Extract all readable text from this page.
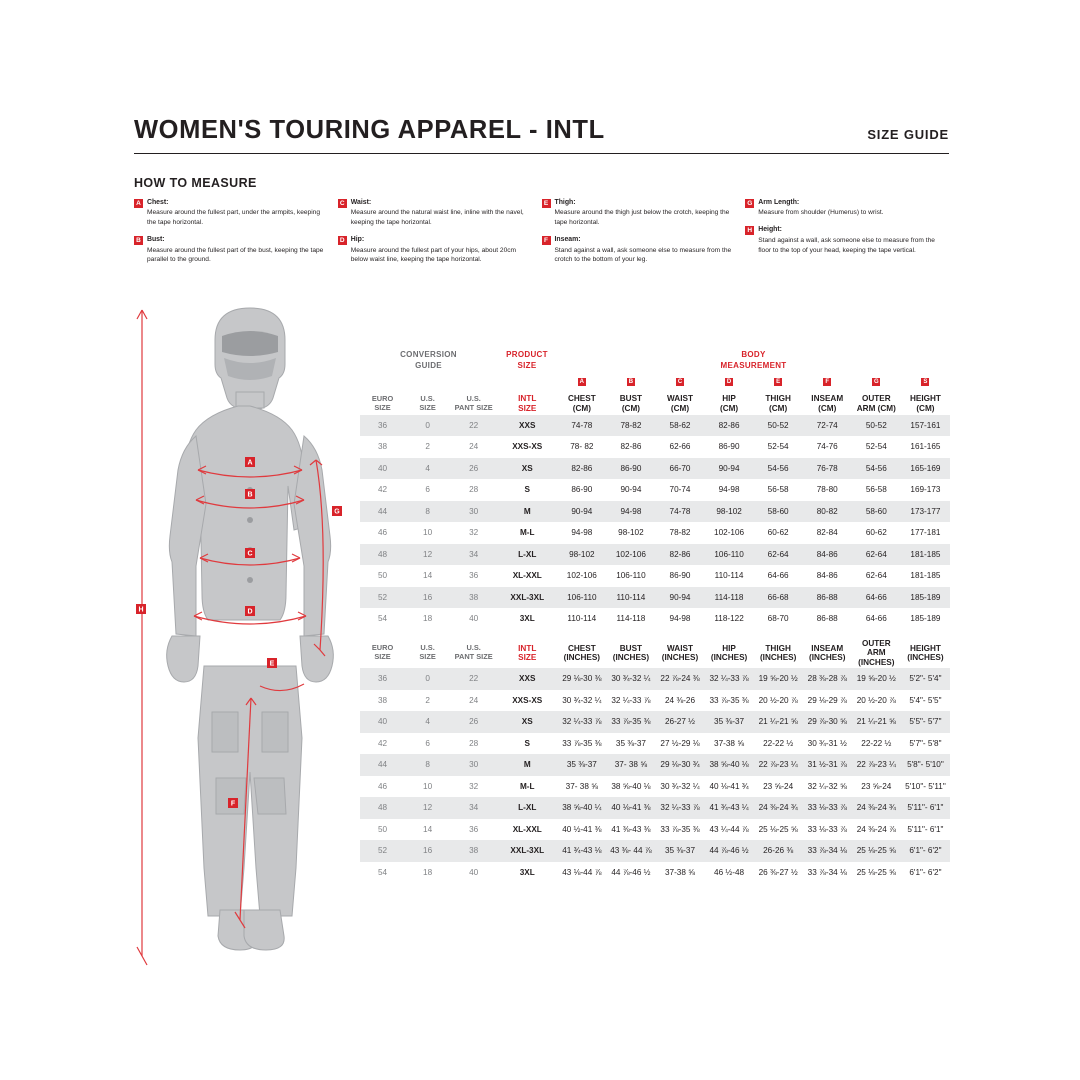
WOMEN'S TOURING APPAREL - INTL	SIZE GUIDE
HOW TO MEASURE
A Chest:
Measure around the fullest part, under the armpits, keeping the tape horizontal.
B Bust:
Measure around the fullest part of the bust, keeping the tape parallel to the ground.
C Waist:
Measure around the natural waist line, inline with the navel, keeping the tape horizontal.
D Hip:
Measure around the fullest part of your hips, about 20cm below waist line, keeping the tape horizontal.
E Thigh:
Measure around the thigh just below the crotch, keeping the tape horizontal.
F Inseam:
Stand against a wall, ask someone else to measure from the crotch to the bottom of your leg.
G Arm Length:
Measure from shoulder (Humerus) to wrist.
H Height:
Stand against a wall, ask someone else to measure from the floor to the top of your head, keeping the tape vertical.
A
B
C
D
E
F
G
H
CONVERSION
GUIDE
PRODUCT
SIZE
BODY
MEASUREMENT
				A	B	C	D	E	F	G	S

EURO
SIZE

U.S.
SIZE

U.S.
PANT SIZE

INTL
SIZE

CHEST
(CM)

BUST
(CM)

WAIST
(CM)

HIP
(CM)

THIGH
(CM)

INSEAM
(CM)

OUTER
ARM (CM)

HEIGHT
(CM)

36	0	22	XXS	74-78	78-82	58-62	82-86	50-52	72-74	50-52	157-161
38	2	24	XXS-XS	78- 82	82-86	62-66	86-90	52-54	74-76	52-54	161-165
40	4	26	XS	82-86	86-90	66-70	90-94	54-56	76-78	54-56	165-169
42	6	28	S	86-90	90-94	70-74	94-98	56-58	78-80	56-58	169-173
44	8	30	M	90-94	94-98	74-78	98-102	58-60	80-82	58-60	173-177
46	10	32	M-L	94-98	98-102	78-82	102-106	60-62	82-84	60-62	177-181
48	12	34	L-XL	98-102	102-106	82-86	106-110	62-64	84-86	62-64	181-185
50	14	36	XL-XXL	102-106	106-110	86-90	110-114	64-66	84-86	62-64	181-185
52	16	38	XXL-3XL	106-110	110-114	90-94	114-118	66-68	86-88	64-66	185-189
54	18	40	3XL	110-114	114-118	94-98	118-122	68-70	86-88	64-66	185-189
EURO
SIZE

U.S.
SIZE

U.S.
PANT SIZE

INTL
SIZE

CHEST
(INCHES)

BUST
(INCHES)

WAIST
(INCHES)

HIP
(INCHES)

THIGH
(INCHES)

INSEAM
(INCHES)

OUTER ARM
(INCHES)

HEIGHT
(INCHES)

36	0	22	XXS	29 ⅛-30 ⅜	30 ¾-32 ¼	22 ⅞-24 ⅜	32 ¼-33 ⅞	19 ⅝-20 ½	28 ⅜-28 ⅞	19 ⅝-20 ½	5'2"- 5'4"
38	2	24	XXS-XS	30 ¾-32 ¼	32 ¼-33 ⅞	24 ⅜-26	33 ⅞-35 ⅜	20 ½-20 ⅞	29 ⅛-29 ⅞	20 ½-20 ⅞	5'4"- 5'5"
40	4	26	XS	32 ¼-33 ⅞	33 ⅞-35 ⅜	26-27 ½	35 ⅜-37	21 ¼-21 ⅝	29 ⅞-30 ⅝	21 ¼-21 ⅝	5'5"- 5'7"
42	6	28	S	33 ⅞-35 ⅜	35 ⅜-37	27 ½-29 ⅛	37-38 ⅝	22-22 ½	30 ¾-31 ½	22-22 ½	5'7"- 5'8"
44	8	30	M	35 ⅜-37	37- 38 ⅝	29 ⅛-30 ¾	38 ⅝-40 ⅛	22 ⅞-23 ¼	31 ½-31 ⅞	22 ⅞-23 ¼	5'8"- 5'10"
46	10	32	M-L	37- 38 ⅝	38 ⅝-40 ⅛	30 ¾-32 ¼	40 ⅛-41 ¾	23 ⅝-24	32 ¼-32 ⅝	23 ⅝-24	5'10"- 5'11"
48	12	34	L-XL	38 ⅝-40 ¼	40 ⅛-41 ⅜	32 ¼-33 ⅞	41 ¾-43 ¼	24 ⅜-24 ¾	33 ⅛-33 ⅞	24 ⅜-24 ¾	5'11"- 6'1"
50	14	36	XL-XXL	40 ½-41 ⅜	41 ⅜-43 ⅜	33 ⅞-35 ⅜	43 ¼-44 ⅞	25 ⅛-25 ⅝	33 ⅛-33 ⅞	24 ⅜-24 ⅞	5'11"- 6'1"
52	16	38	XXL-3XL	41 ¾-43 ⅛	43 ⅜- 44 ⅞	35 ⅜-37	44 ⅞-46 ½	26-26 ⅜	33 ⅞-34 ⅛	25 ⅛-25 ⅝	6'1"- 6'2"
54	18	40	3XL	43 ⅛-44 ⅞	44 ⅞-46 ½	37-38 ⅝	46 ½-48	26 ⅜-27 ½	33 ⅞-34 ⅛	25 ⅛-25 ⅝	6'1"- 6'2"
